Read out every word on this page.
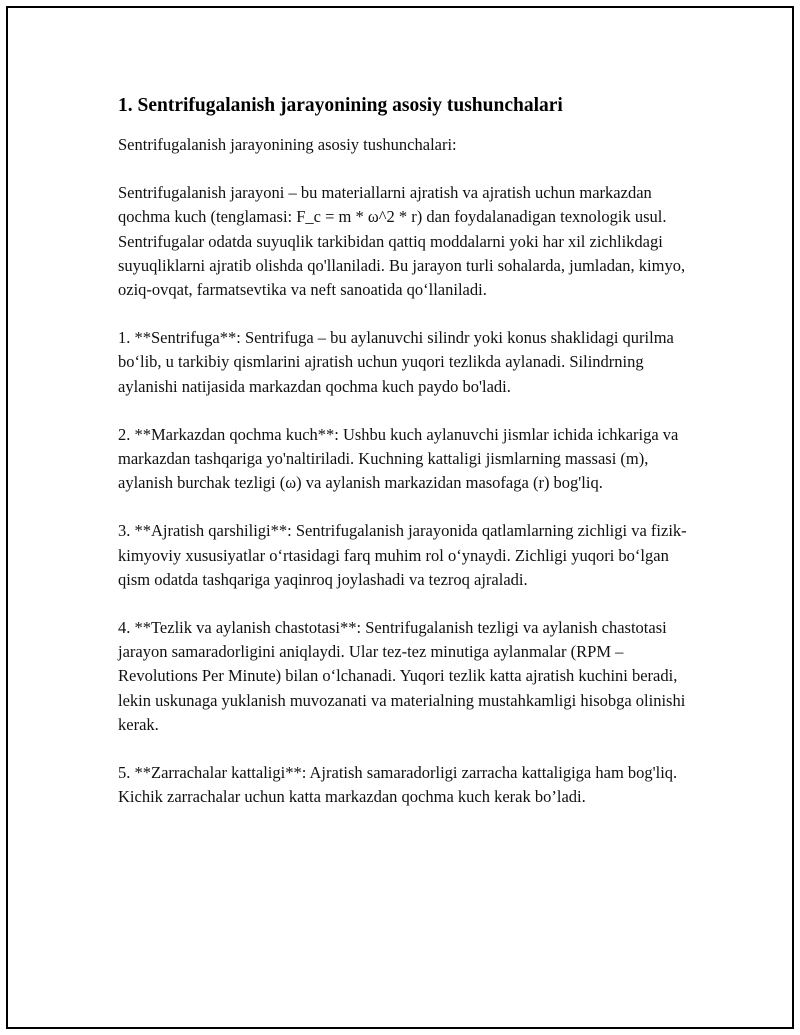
1. Sentrifugalanish jarayonining asosiy tushunchalari

Sentrifugalanish jarayonining asosiy tushunchalari:

Sentrifugalanish jarayoni – bu materiallarni ajratish va ajratish uchun markazdan qochma kuch (tenglamasi: F_c = m * ω^2 * r) dan foydalanadigan texnologik usul. Sentrifugalar odatda suyuqlik tarkibidan qattiq moddalarni yoki har xil zichlikdagi suyuqliklarni ajratib olishda qo'llaniladi. Bu jarayon turli sohalarda, jumladan, kimyo, oziq-ovqat, farmatsevtika va neft sanoatida qo‘llaniladi.

1. **Sentrifuga**: Sentrifuga – bu aylanuvchi silindr yoki konus shaklidagi qurilma bo‘lib, u tarkibiy qismlarini ajratish uchun yuqori tezlikda aylanadi. Silindrning aylanishi natijasida markazdan qochma kuch paydo bo'ladi.

2. **Markazdan qochma kuch**: Ushbu kuch aylanuvchi jismlar ichida ichkariga va markazdan tashqariga yo'naltiriladi. Kuchning kattaligi jismlarning massasi (m), aylanish burchak tezligi (ω) va aylanish markazidan masofaga (r) bog'liq.

3. **Ajratish qarshiligi**: Sentrifugalanish jarayonida qatlamlarning zichligi va fizik-kimyoviy xususiyatlar o‘rtasidagi farq muhim rol o‘ynaydi. Zichligi yuqori bo‘lgan qism odatda tashqariga yaqinroq joylashadi va tezroq ajraladi.

4. **Tezlik va aylanish chastotasi**: Sentrifugalanish tezligi va aylanish chastotasi jarayon samaradorligini aniqlaydi. Ular tez-tez minutiga aylanmalar (RPM – Revolutions Per Minute) bilan o‘lchanadi. Yuqori tezlik katta ajratish kuchini beradi, lekin uskunaga yuklanish muvozanati va materialning mustahkamligi hisobga olinishi kerak.

5. **Zarrachalar kattaligi**: Ajratish samaradorligi zarracha kattaligiga ham bog'liq. Kichik zarrachalar uchun katta markazdan qochma kuch kerak bo’ladi.
